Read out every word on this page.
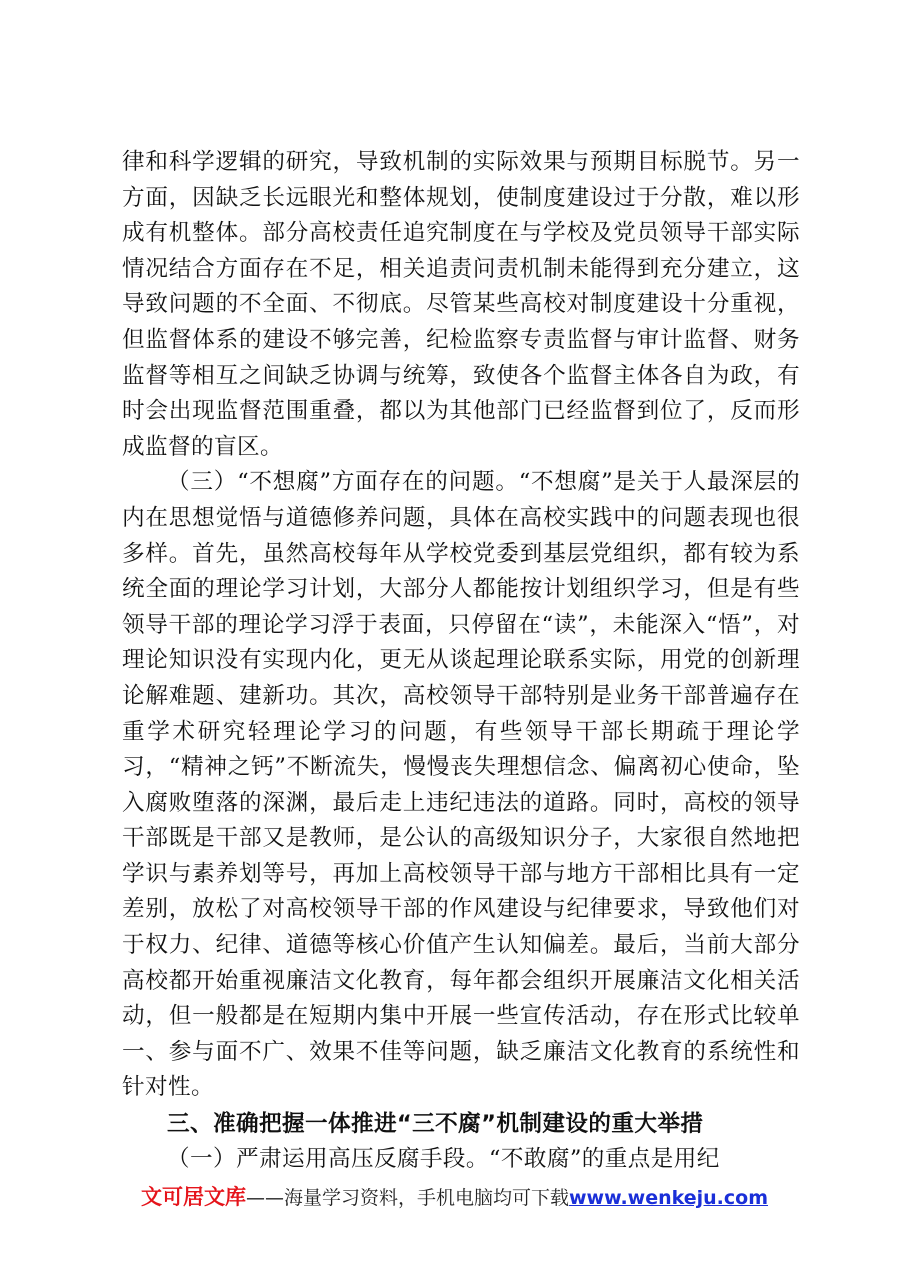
律和科学逻辑的研究，导致机制的实际效果与预期目标脱节。另一方面，因缺乏长远眼光和整体规划，使制度建设过于分散，难以形成有机整体。部分高校责任追究制度在与学校及党员领导干部实际情况结合方面存在不足，相关追责问责机制未能得到充分建立，这导致问题的不全面、不彻底。尽管某些高校对制度建设十分重视，但监督体系的建设不够完善，纪检监察专责监督与审计监督、财务监督等相互之间缺乏协调与统筹，致使各个监督主体各自为政，有时会出现监督范围重叠，都以为其他部门已经监督到位了，反而形成监督的盲区。

（三）“不想腐”方面存在的问题。“不想腐”是关于人最深层的内在思想觉悟与道德修养问题，具体在高校实践中的问题表现也很多样。首先，虽然高校每年从学校党委到基层党组织，都有较为系统全面的理论学习计划，大部分人都能按计划组织学习，但是有些领导干部的理论学习浮于表面，只停留在“读”，未能深入“悟”，对理论知识没有实现内化，更无从谈起理论联系实际，用党的创新理论解难题、建新功。其次，高校领导干部特别是业务干部普遍存在重学术研究轻理论学习的问题，有些领导干部长期疏于理论学习，“精神之钙”不断流失，慢慢丧失理想信念、偏离初心使命，坠入腐败堕落的深渊，最后走上违纪违法的道路。同时，高校的领导干部既是干部又是教师，是公认的高级知识分子，大家很自然地把学识与素养划等号，再加上高校领导干部与地方干部相比具有一定差别，放松了对高校领导干部的作风建设与纪律要求，导致他们对于权力、纪律、道德等核心价值产生认知偏差。最后，当前大部分高校都开始重视廉洁文化教育，每年都会组织开展廉洁文化相关活动，但一般都是在短期内集中开展一些宣传活动，存在形式比较单一、参与面不广、效果不佳等问题，缺乏廉洁文化教育的系统性和针对性。

三、准确把握一体推进“三不腐”机制建设的重大举措

（一）严肃运用高压反腐手段。“不敢腐”的重点是用纪

文可居文库——海量学习资料，手机电脑均可下载www.wenkeju.com
